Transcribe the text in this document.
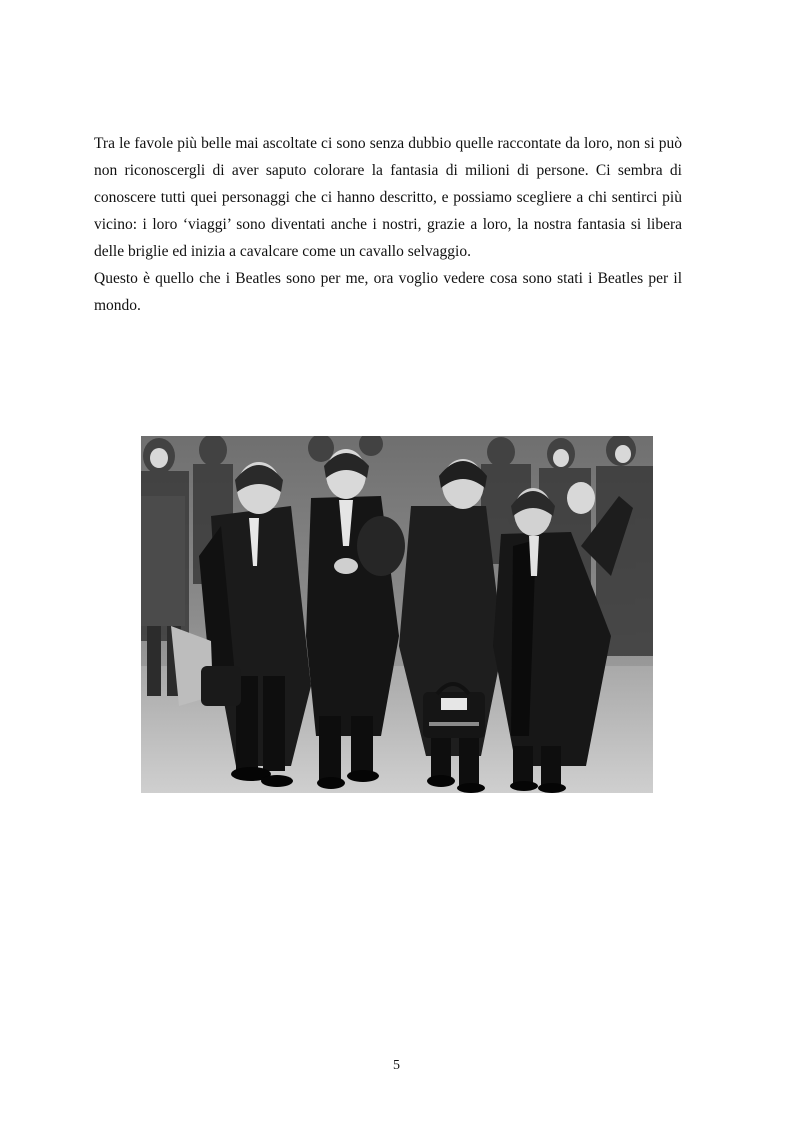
Tra le favole più belle mai ascoltate ci sono senza dubbio quelle raccontate da loro, non si può non riconoscergli di aver saputo colorare la fantasia di milioni di persone. Ci sembra di conoscere tutti quei personaggi che ci hanno descritto, e possiamo scegliere a chi sentirci più vicino: i loro ‘viaggi’ sono diventati anche i nostri, grazie a loro, la nostra fantasia si libera delle briglie ed inizia a cavalcare come un cavallo selvaggio.

Questo è quello che i Beatles sono per me, ora voglio vedere cosa sono stati i Beatles per il mondo.

5
